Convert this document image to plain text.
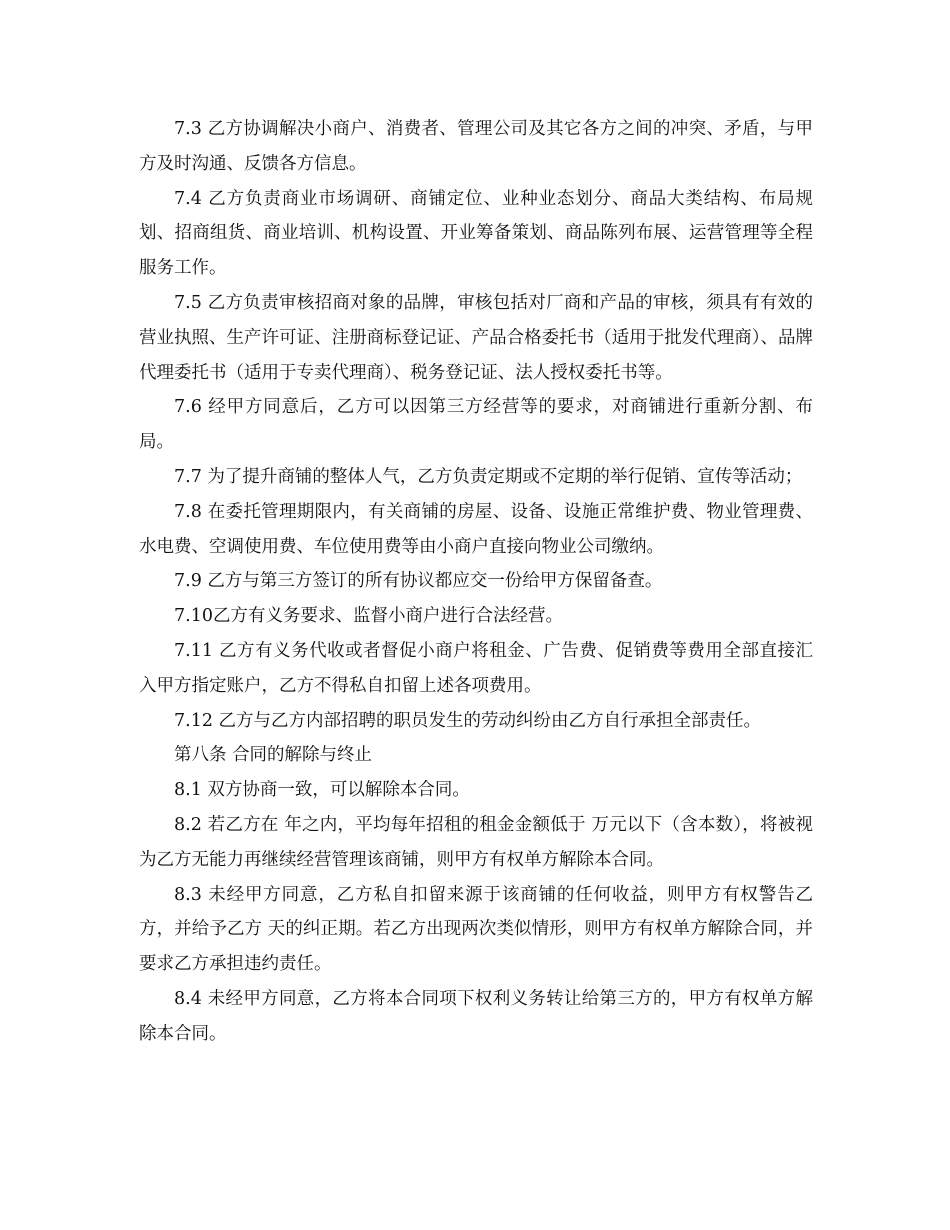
7.3 乙方协调解决小商户、消费者、管理公司及其它各方之间的冲突、矛盾，与甲方及时沟通、反馈各方信息。

7.4 乙方负责商业市场调研、商铺定位、业种业态划分、商品大类结构、布局规划、招商组货、商业培训、机构设置、开业筹备策划、商品陈列布展、运营管理等全程服务工作。

7.5 乙方负责审核招商对象的品牌，审核包括对厂商和产品的审核，须具有有效的营业执照、生产许可证、注册商标登记证、产品合格委托书（适用于批发代理商）、品牌代理委托书（适用于专卖代理商）、税务登记证、法人授权委托书等。

7.6 经甲方同意后，乙方可以因第三方经营等的要求，对商铺进行重新分割、布局。

7.7 为了提升商铺的整体人气，乙方负责定期或不定期的举行促销、宣传等活动；

7.8 在委托管理期限内，有关商铺的房屋、设备、设施正常维护费、物业管理费、水电费、空调使用费、车位使用费等由小商户直接向物业公司缴纳。

7.9 乙方与第三方签订的所有协议都应交一份给甲方保留备查。

7.10乙方有义务要求、监督小商户进行合法经营。

7.11 乙方有义务代收或者督促小商户将租金、广告费、促销费等费用全部直接汇入甲方指定账户，乙方不得私自扣留上述各项费用。

7.12 乙方与乙方内部招聘的职员发生的劳动纠纷由乙方自行承担全部责任。

第八条 合同的解除与终止

8.1 双方协商一致，可以解除本合同。

8.2 若乙方在 年之内，平均每年招租的租金金额低于 万元以下（含本数），将被视为乙方无能力再继续经营管理该商铺，则甲方有权单方解除本合同。

8.3 未经甲方同意，乙方私自扣留来源于该商铺的任何收益，则甲方有权警告乙方，并给予乙方 天的纠正期。若乙方出现两次类似情形，则甲方有权单方解除合同，并要求乙方承担违约责任。

8.4 未经甲方同意，乙方将本合同项下权利义务转让给第三方的，甲方有权单方解除本合同。
